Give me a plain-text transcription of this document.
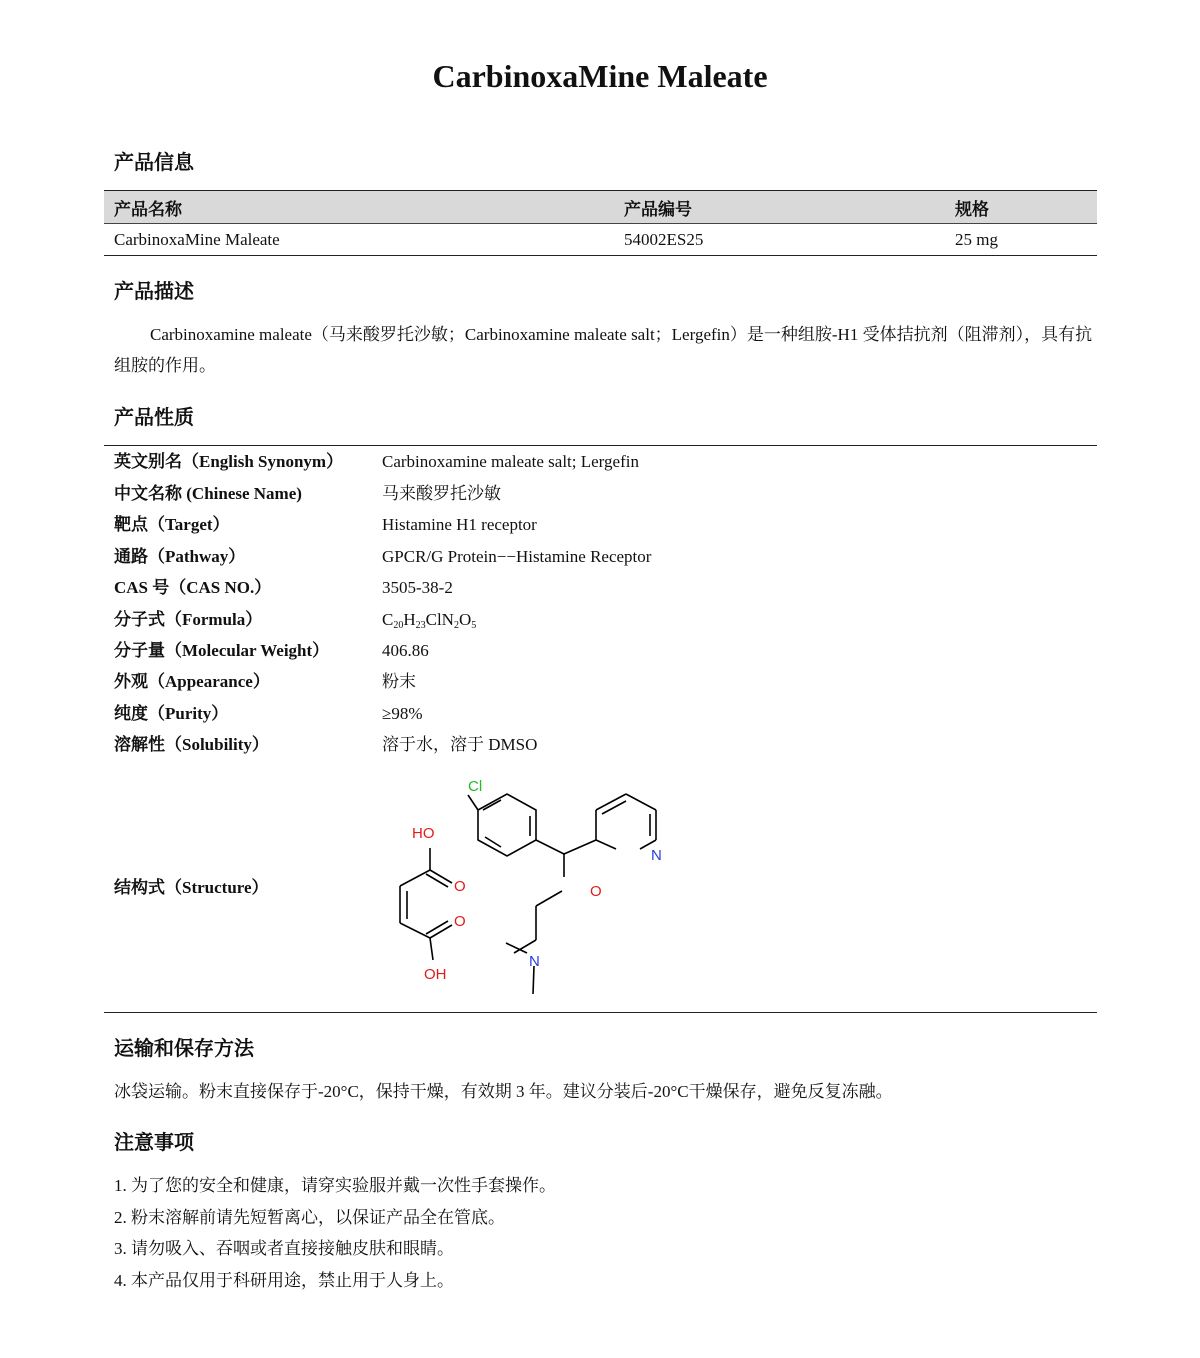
CarbinoxaMine Maleate
产品信息
产品名称	产品编号	规格
CarbinoxaMine Maleate	54002ES25	25 mg
产品描述

Carbinoxamine maleate（马来酸罗托沙敏；Carbinoxamine maleate salt；Lergefin）是一种组胺-H1 受体拮抗剂（阻滞剂），具有抗组胺的作用。

产品性质
英文别名（English Synonym） Carbinoxamine maleate salt; Lergefin
中文名称 (Chinese Name)	马来酸罗托沙敏
靶点（Target）	Histamine H1 receptor
通路（Pathway）	GPCR/G Protein−−Histamine Receptor
CAS 号（CAS NO.）	3505-38-2
分子式（Formula）	$C_{20}H_{23}ClN_2O_5$
分子量（Molecular Weight）	406.86
外观（Appearance）	粉末
纯度（Purity）	≥98%
溶解性（Solubility）	溶于水，溶于 DMSO
结构式（Structure）
Cl
N
O
N
HO
O
O
OH
运输和保存方法

冰袋运输。粉末直接保存于-20°C，保持干燥，有效期 3 年。建议分装后-20°C干燥保存，避免反复冻融。

注意事项
1. 为了您的安全和健康，请穿实验服并戴一次性手套操作。
2. 粉末溶解前请先短暂离心，以保证产品全在管底。
3. 请勿吸入、吞咽或者直接接触皮肤和眼睛。
4. 本产品仅用于科研用途，禁止用于人身上。
